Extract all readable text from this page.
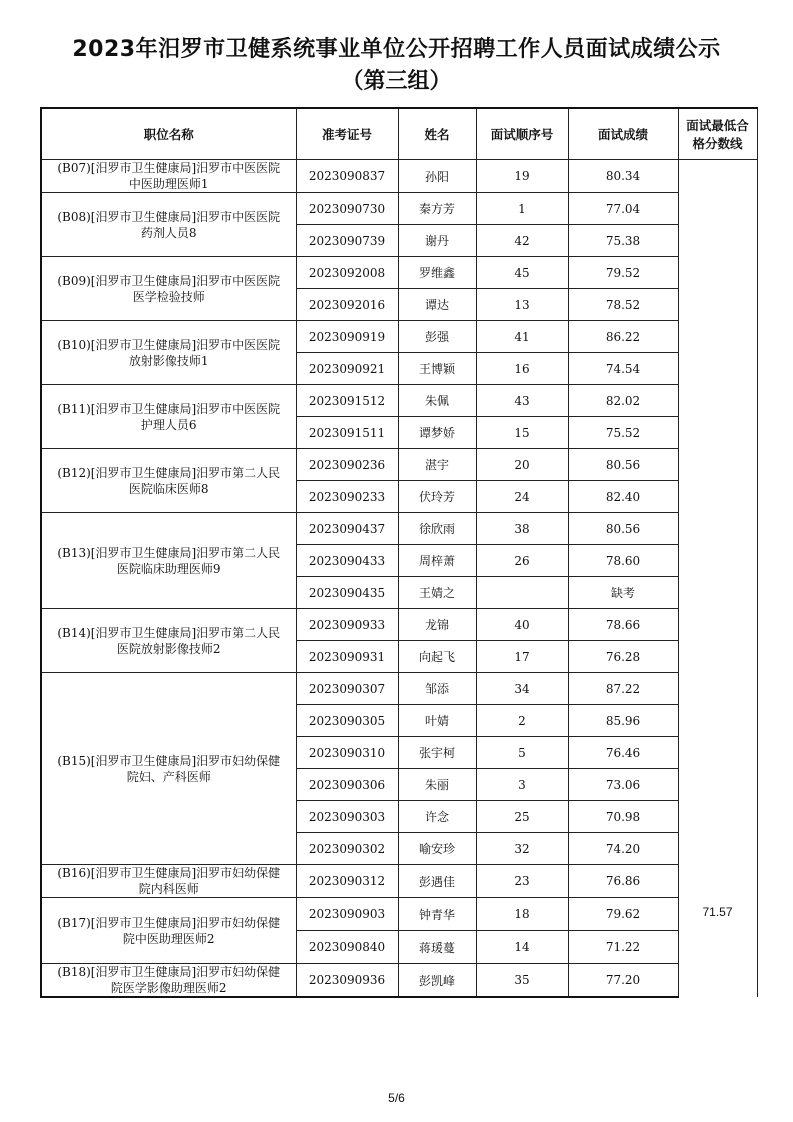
2023年汨罗市卫健系统事业单位公开招聘工作人员面试成绩公示
（第三组）
职位名称	准考证号	姓名	面试顺序号	面试成绩	面试最低合
格分数线

(B07)[汨罗市卫生健康局]汨罗市中医医院
中医助理医师1	2023090837	孙阳	19	80.34	71.57

(B08)[汨罗市卫生健康局]汨罗市中医医院
药剂人员8	2023090730	秦方芳	1	77.04	
	2023090739	谢丹	42	75.38	

(B09)[汨罗市卫生健康局]汨罗市中医医院
医学检验技师	2023092008	罗维鑫	45	79.52	
	2023092016	谭达	13	78.52	

(B10)[汨罗市卫生健康局]汨罗市中医医院
放射影像技师1	2023090919	彭强	41	86.22	
	2023090921	王博颖	16	74.54	

(B11)[汨罗市卫生健康局]汨罗市中医医院
护理人员6	2023091512	朱佩	43	82.02	
	2023091511	谭梦娇	15	75.52	

(B12)[汨罗市卫生健康局]汨罗市第二人民
医院临床医师8	2023090236	湛宇	20	80.56	
	2023090233	伏玲芳	24	82.40	

(B13)[汨罗市卫生健康局]汨罗市第二人民
医院临床助理医师9	2023090437	徐欣雨	38	80.56	
	2023090433	周梓萧	26	78.60	
	2023090435	王婧之		缺考	

(B14)[汨罗市卫生健康局]汨罗市第二人民
医院放射影像技师2	2023090933	龙锦	40	78.66	
	2023090931	向起飞	17	76.28	

(B15)[汨罗市卫生健康局]汨罗市妇幼保健
院妇、产科医师	2023090307	邹添	34	87.22	
	2023090305	叶婧	2	85.96	
	2023090310	张宇柯	5	76.46	
	2023090306	朱丽	3	73.06	
	2023090303	许念	25	70.98	
	2023090302	喻安珍	32	74.20	

(B16)[汨罗市卫生健康局]汨罗市妇幼保健
院内科医师	2023090312	彭遇佳	23	76.86	

(B17)[汨罗市卫生健康局]汨罗市妇幼保健
院中医助理医师2	2023090903	钟青华	18	79.62	
	2023090840	蒋瑗蔓	14	71.22	

(B18)[汨罗市卫生健康局]汨罗市妇幼保健
院医学影像助理医师2	2023090936	彭凯峰	35	77.20	
5/6
